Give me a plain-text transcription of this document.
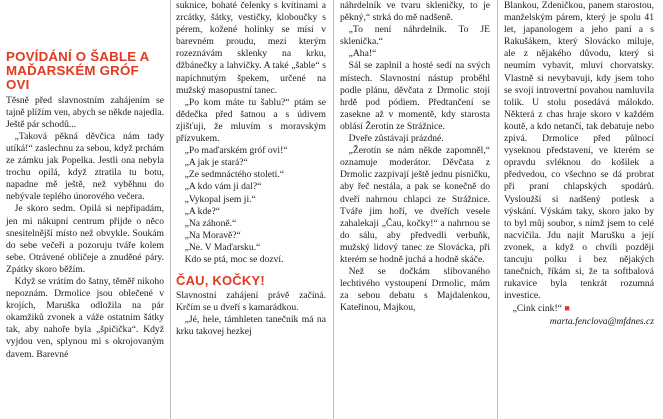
POVÍDÁNÍ O ŠABLE A MAĎARSKÉM GRÓF OVI

Těsně před slavnostním zahájením se tajně plížím ven, abych se někde najedla. Ještě pár schodů...

„Taková pěkná děvčica nám tady utíká!“ zaslechnu za sebou, když prchám ze zámku jak Popelka. Jestli ona nebyla trochu opilá, když ztratila tu botu, napadne mě ještě, než vyběhnu do nebývale teplého únorového večera.

Je skoro sedm. Opilá si nepřipadám, jen mi nákupní centrum přijde o něco snesitelnější místo než obvykle. Soukám do sebe večeři a pozoruju tváře kolem sebe. Otrávené obličeje a znuděné páry. Zpátky skoro běžím.

Když se vrátím do šatny, těměř nikoho nepoznám. Drmolice jsou oblečené v krojích, Maruška odložila na pár okamžiků zvonek a váže ostatním šátky tak, aby nahoře byla „špičička“. Když vyjdou ven, splynou mi s okrojovaným davem. Barevné

suknice, bohaté čelenky s kvítinami a zrcátky, šátky, vestičky, kloboučky s pérem, kožené holínky se mísí v barevném proudu, mezi kterým rozeznávám sklenky na krku, džbánečky a lahvičky. A také „šable“ s napíchnutým špekem, určené na mužský masopustní tanec.

„Po kom máte tu šablu?“ ptám se dědečka před šatnou a s údivem zjišťuji, že mluvím s moravským přízvukem.

„Po maďarském gróf ovi!“

„A jak je stará?“

„Ze sedmnáctého století.“

„A kdo vám ji dal?“

„Vykopal jsem ji.“

„A kde?“

„Na záhoně.“

„Na Moravě?“

„Ne. V Maďarsku.“

Kdo se ptá, moc se dozví.

ČAU, KOČKY!

Slavnostní zahájení právě začíná. Krčím se u dveří s kamarádkou.

„Jé, hele, támhleten tanečník má na krku takovej hezkej

náhrdelník ve tvaru skleničky, to je pěkný,“ strká do mě nadšeně.

„To není náhrdelník. To JE sklenička.“

„Aha!“

Sál se zaplnil a hosté sedí na svých místech. Slavnostní nástup proběhl podle plánu, děvčata z Drmolic stojí hrdě pod pódiem. Předtančení se zasekne až v momentě, kdy starosta oblásí Žerotín ze Strážnice.

Dveře zůstávají prázdné.

„Žerotín se nám někde zapomněl,“ oznamuje moderátor. Děvčata z Drmolic zazpívají ještě jednu písničku, aby řeč nestála, a pak se konečně do dveří nahrnou chlapci ze Strážnice. Tváře jim hoří, ve dveřích vesele zahalekají „Čau, kočky!“ a nahrnou se do sálu, aby předvedli verbuňk, mužský lidový tanec ze Slovácka, při kterém se hodně juchá a hodně skáče.

Než se dočkám slibovaného lechtivého vystoupení Drmolic, mám za sebou debatu s Majdalenkou, Kateřinou, Majkou,

Blankou, Zdeničkou, panem starostou, manželským párem, který je spolu 41 let, japanologem a jeho paní a s Rakušákem, který Slovácko miluje, ale z nějakého důvodu, který si neumím vybavit, mluví chorvatsky. Vlastně si nevybavuji, kdy jsem toho se svojí introvertní povahou namluvila tolik. U stolu posedává málokdo. Některá z chas hraje skoro v každém koutě, a kdo netančí, tak debatuje nebo zpívá. Drmolice před půlnocí vyseknou představení, ve kterém se opravdu svléknou do košilek a předvedou, co všechno se dá probrat při praní chlapských spodárů. Vysloužší si nadšený potlesk a výskání. Výskám taky, skoro jako by to byl můj soubor, s nímž jsem to celé nacvičila. Jdu najít Marušku a její zvonek, a když o chvíli později tancuju polku i bez nějakých tanečních, říkám si, že ta softbalová rukavice byla tenkrát rozumná investice.

„Cink cink!“ ■

marta.fenclova@mfdnes.cz
